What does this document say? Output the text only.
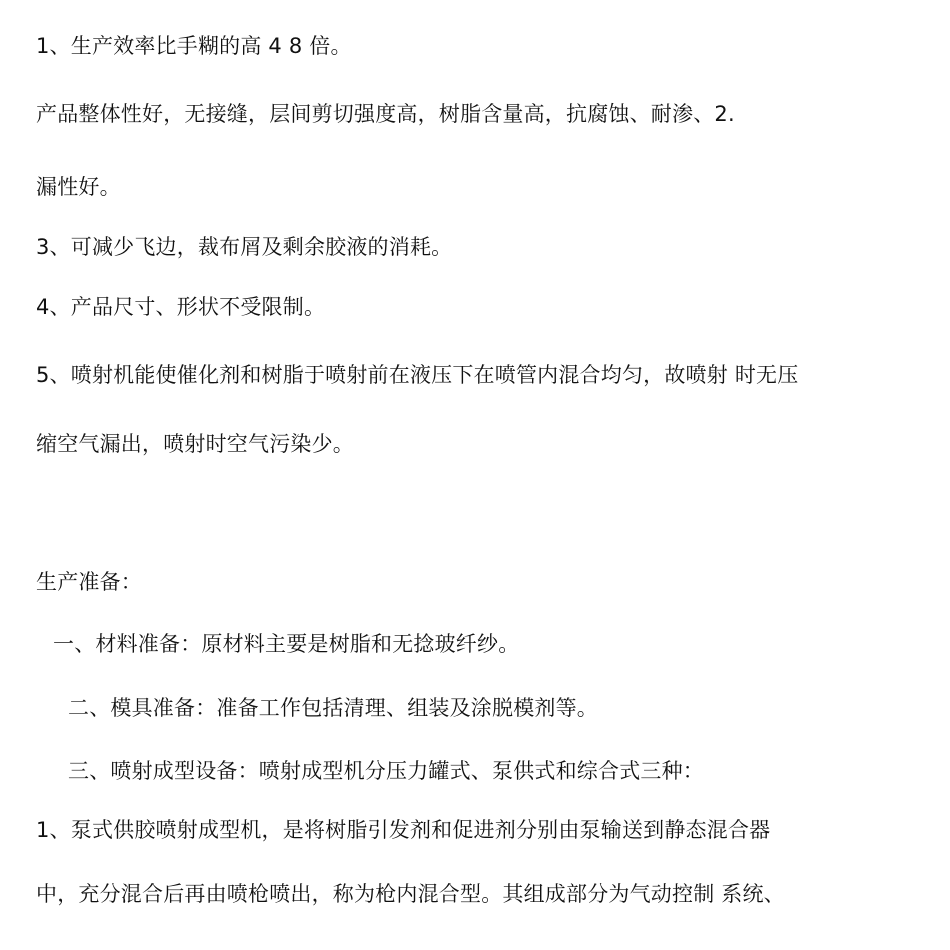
1、生产效率比手糊的高 4 8 倍。
产品整体性好，无接缝，层间剪切强度高，树脂含量高，抗腐蚀、耐渗、2.
漏性好。
3、可减少飞边，裁布屑及剩余胶液的消耗。
4、产品尺寸、形状不受限制。
5、喷射机能使催化剂和树脂于喷射前在液压下在喷管内混合均匀，故喷射 时无压
缩空气漏出，喷射时空气污染少。
生产准备：
一、材料准备：原材料主要是树脂和无捻玻纤纱。
二、模具准备：准备工作包括清理、组装及涂脱模剂等。
三、喷射成型设备：喷射成型机分压力罐式、泵供式和综合式三种：
1、泵式供胶喷射成型机，是将树脂引发剂和促进剂分别由泵输送到静态混合器
中，充分混合后再由喷枪喷出，称为枪内混合型。其组成部分为气动控制 系统、
